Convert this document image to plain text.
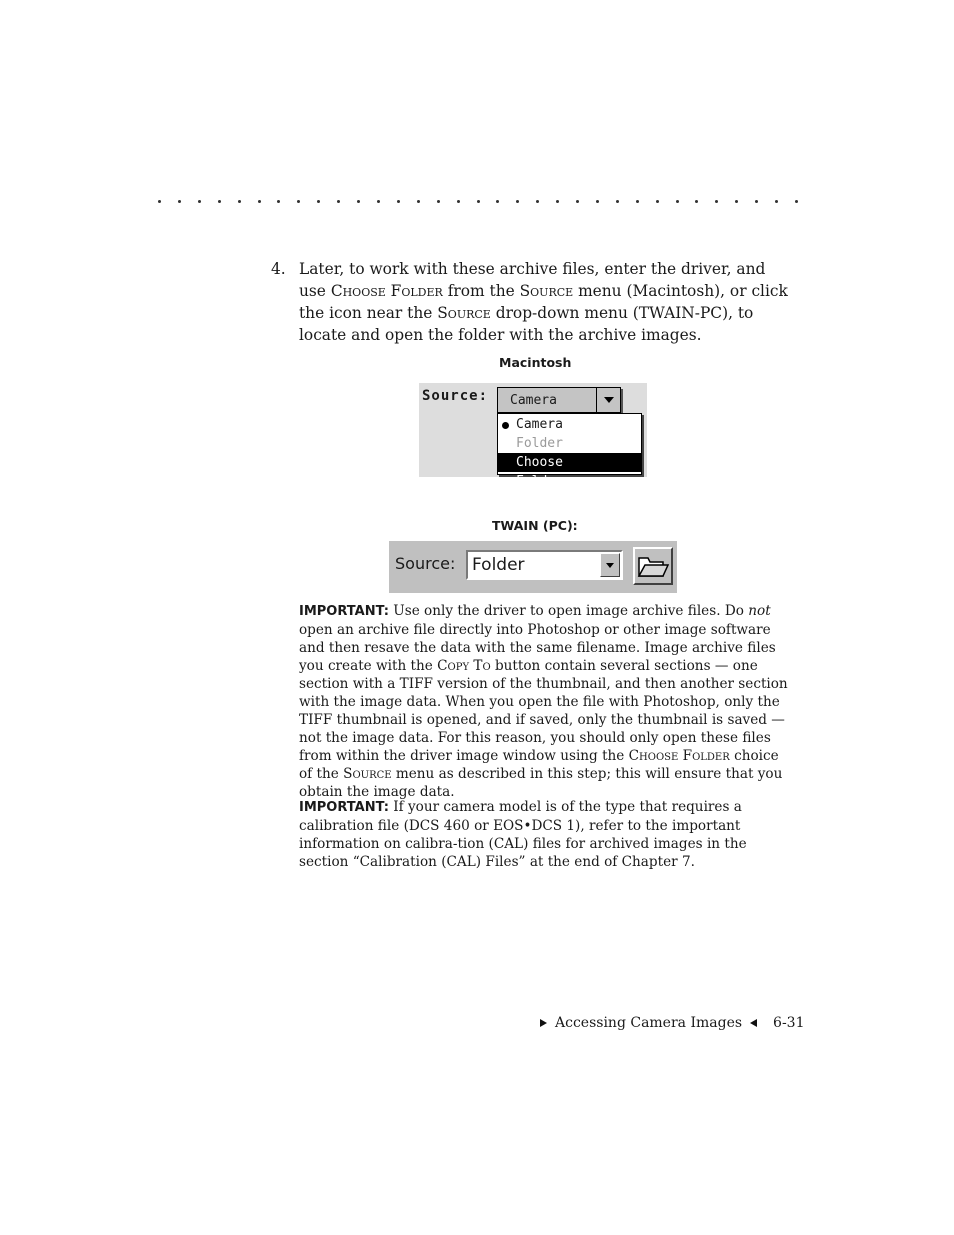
4. Later, to work with these archive files, enter the driver, and use Choose Folder from the Source menu (Macintosh), or click the icon near the Source drop-down menu (TWAIN-PC), to locate and open the folder with the archive images.
Macintosh
Source: Camera
Camera
Folder
Choose Folder...
TWAIN (PC):
Source: Folder
IMPORTANT: Use only the driver to open image archive files. Do not open an archive file directly into Photoshop or other image software and then resave the data with the same filename. Image archive files you create with the Copy To button contain several sections — one section with a TIFF version of the thumbnail, and then another section with the image data. When you open the file with Photoshop, only the TIFF thumbnail is opened, and if saved, only the thumbnail is saved — not the image data. For this reason, you should only open these files from within the driver image window using the Choose Folder choice of the Source menu as described in this step; this will ensure that you obtain the image data.
IMPORTANT: If your camera model is of the type that requires a calibration file (DCS 460 or EOS•DCS 1), refer to the important information on calibra-tion (CAL) files for archived images in the section “Calibration (CAL) Files” at the end of Chapter 7.
Accessing Camera Images 6-31
